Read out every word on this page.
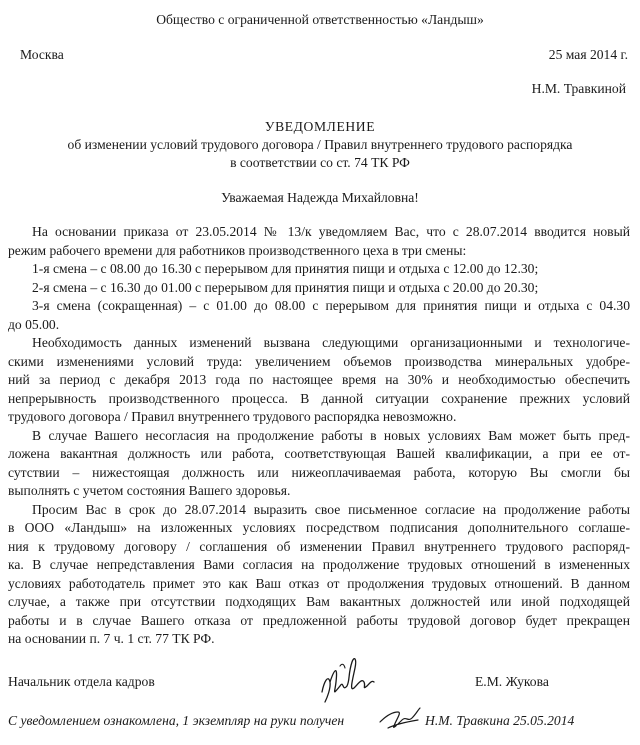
Общество с ограниченной ответственностью «Ландыш»
Москва	25 мая 2014 г.
Н.М. Травкиной
УВЕДОМЛЕНИЕ
об изменении условий трудового договора / Правил внутреннего трудового распорядка
в соответствии со ст. 74 ТК РФ
Уважаемая Надежда Михайловна!
На основании приказа от 23.05.2014 № 13/к уведомляем Вас, что с 28.07.2014 вводится новый
режим рабочего времени для работников производственного цеха в три смены:
1-я смена – с 08.00 до 16.30 с перерывом для принятия пищи и отдыха с 12.00 до 12.30;
2-я смена – с 16.30 до 01.00 с перерывом для принятия пищи и отдыха с 20.00 до 20.30;
3-я смена (сокращенная) – с 01.00 до 08.00 с перерывом для принятия пищи и отдыха с 04.30
до 05.00.
Необходимость данных изменений вызвана следующими организационными и технологиче-
скими изменениями условий труда: увеличением объемов производства минеральных удобре-
ний за период с декабря 2013 года по настоящее время на 30% и необходимостью обеспечить
непрерывность производственного процесса. В данной ситуации сохранение прежних условий
трудового договора / Правил внутреннего трудового распорядка невозможно.
В случае Вашего несогласия на продолжение работы в новых условиях Вам может быть пред-
ложена вакантная должность или работа, соответствующая Вашей квалификации, а при ее от-
сутствии – нижестоящая должность или нижеоплачиваемая работа, которую Вы смогли бы
выполнять с учетом состояния Вашего здоровья.
Просим Вас в срок до 28.07.2014 выразить свое письменное согласие на продолжение работы
в ООО «Ландыш» на изложенных условиях посредством подписания дополнительного соглаше-
ния к трудовому договору / соглашения об изменении Правил внутреннего трудового распоряд-
ка. В случае непредставления Вами согласия на продолжение трудовых отношений в измененных
условиях работодатель примет это как Ваш отказ от продолжения трудовых отношений. В данном
случае, а также при отсутствии подходящих Вам вакантных должностей или иной подходящей
работы и в случае Вашего отказа от предложенной работы трудовой договор будет прекращен
на основании п. 7 ч. 1 ст. 77 ТК РФ.
Начальник отдела кадров	Е.М. Жукова
С уведомлением ознакомлена, 1 экземпляр на руки получен	Н.М. Травкина 25.05.2014
